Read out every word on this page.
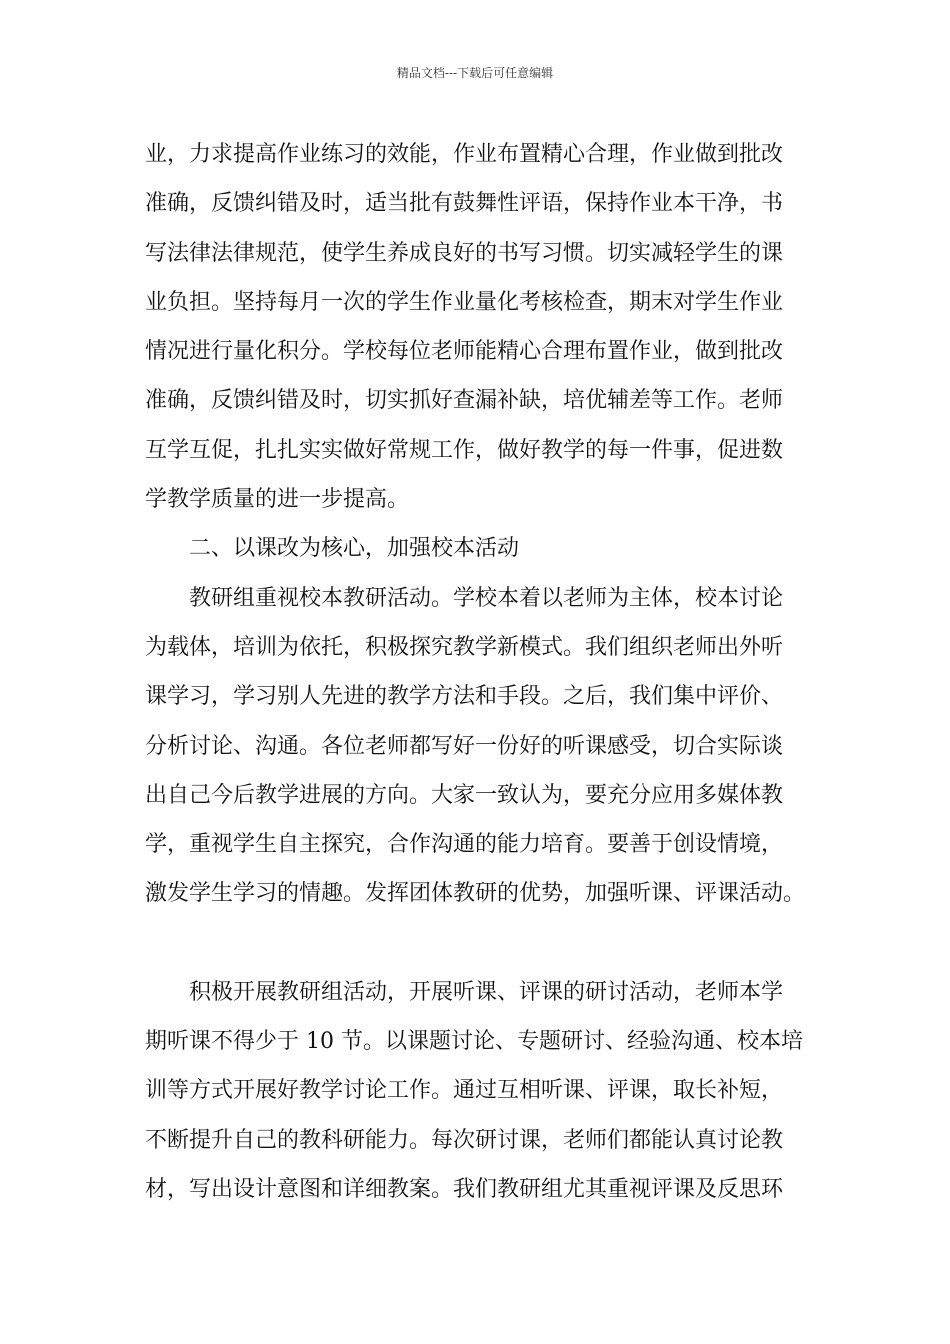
精品文档---下载后可任意编辑
业，力求提高作业练习的效能，作业布置精心合理，作业做到批改
准确，反馈纠错及时，适当批有鼓舞性评语，保持作业本干净，书
写法律法律规范，使学生养成良好的书写习惯。切实减轻学生的课
业负担。坚持每月一次的学生作业量化考核检查，期末对学生作业
情况进行量化积分。学校每位老师能精心合理布置作业，做到批改
准确，反馈纠错及时，切实抓好查漏补缺，培优辅差等工作。老师
互学互促，扎扎实实做好常规工作，做好教学的每一件事，促进数
学教学质量的进一步提高。
二、以课改为核心，加强校本活动
教研组重视校本教研活动。学校本着以老师为主体，校本讨论
为载体，培训为依托，积极探究教学新模式。我们组织老师出外听
课学习，学习别人先进的教学方法和手段。之后，我们集中评价、
分析讨论、沟通。各位老师都写好一份好的听课感受，切合实际谈
出自己今后教学进展的方向。大家一致认为，要充分应用多媒体教
学，重视学生自主探究，合作沟通的能力培育。要善于创设情境，
激发学生学习的情趣。发挥团体教研的优势，加强听课、评课活动。
积极开展教研组活动，开展听课、评课的研讨活动，老师本学
期听课不得少于 10 节。以课题讨论、专题研讨、经验沟通、校本培
训等方式开展好教学讨论工作。通过互相听课、评课，取长补短，
不断提升自己的教科研能力。每次研讨课，老师们都能认真讨论教
材，写出设计意图和详细教案。我们教研组尤其重视评课及反思环
